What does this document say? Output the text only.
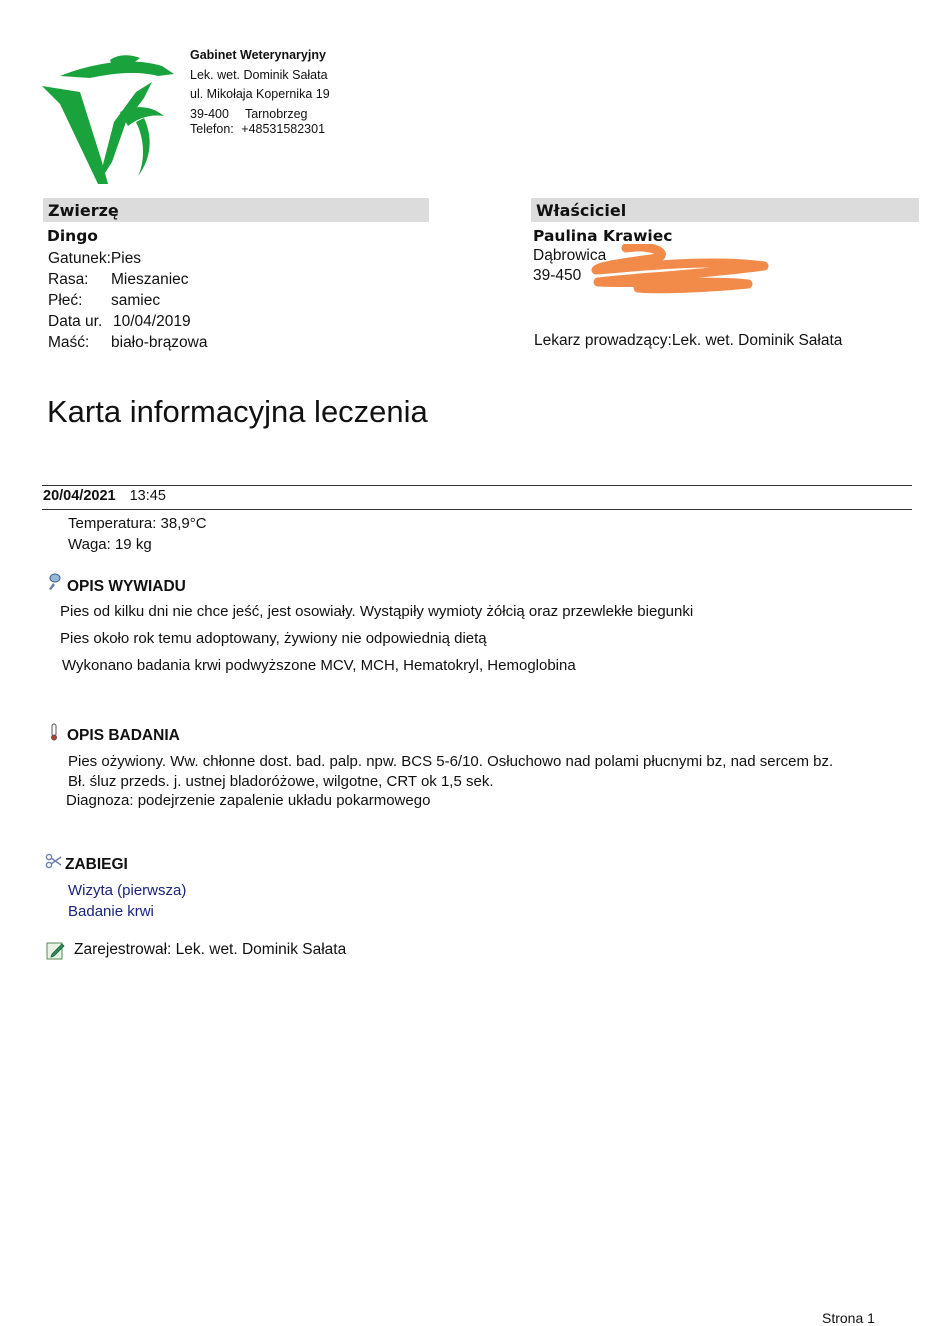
Gabinet Weterynaryjny
Lek. wet. Dominik Sałata
ul. Mikołaja Kopernika 19
39-400 Tarnobrzeg
Telefon: +48531582301
Zwierzę
Dingo
Gatunek:Pies
Rasa: Mieszaniec
Płeć: samiec
Data ur. 10/04/2019
Maść: biało-brązowa
Właściciel
Paulina Krawiec
Dąbrowica
39-450
Lekarz prowadzący:Lek. wet. Dominik Sałata
Karta informacyjna leczenia
20/04/2021 13:45
Temperatura: 38,9°C
Waga: 19 kg
OPIS WYWIADU
Pies od kilku dni nie chce jeść, jest osowiały. Wystąpiły wymioty żółcią oraz przewlekłe biegunki
Pies około rok temu adoptowany, żywiony nie odpowiednią dietą
Wykonano badania krwi podwyższone MCV, MCH, Hematokryl, Hemoglobina
OPIS BADANIA
Pies ożywiony. Ww. chłonne dost. bad. palp. npw. BCS 5-6/10. Osłuchowo nad polami płucnymi bz, nad sercem bz.
Bł. śluz przeds. j. ustnej bladoróżowe, wilgotne, CRT ok 1,5 sek.
Diagnoza: podejrzenie zapalenie układu pokarmowego
ZABIEGI
Wizyta (pierwsza)
Badanie krwi
Zarejestrował: Lek. wet. Dominik Sałata
Strona 1
